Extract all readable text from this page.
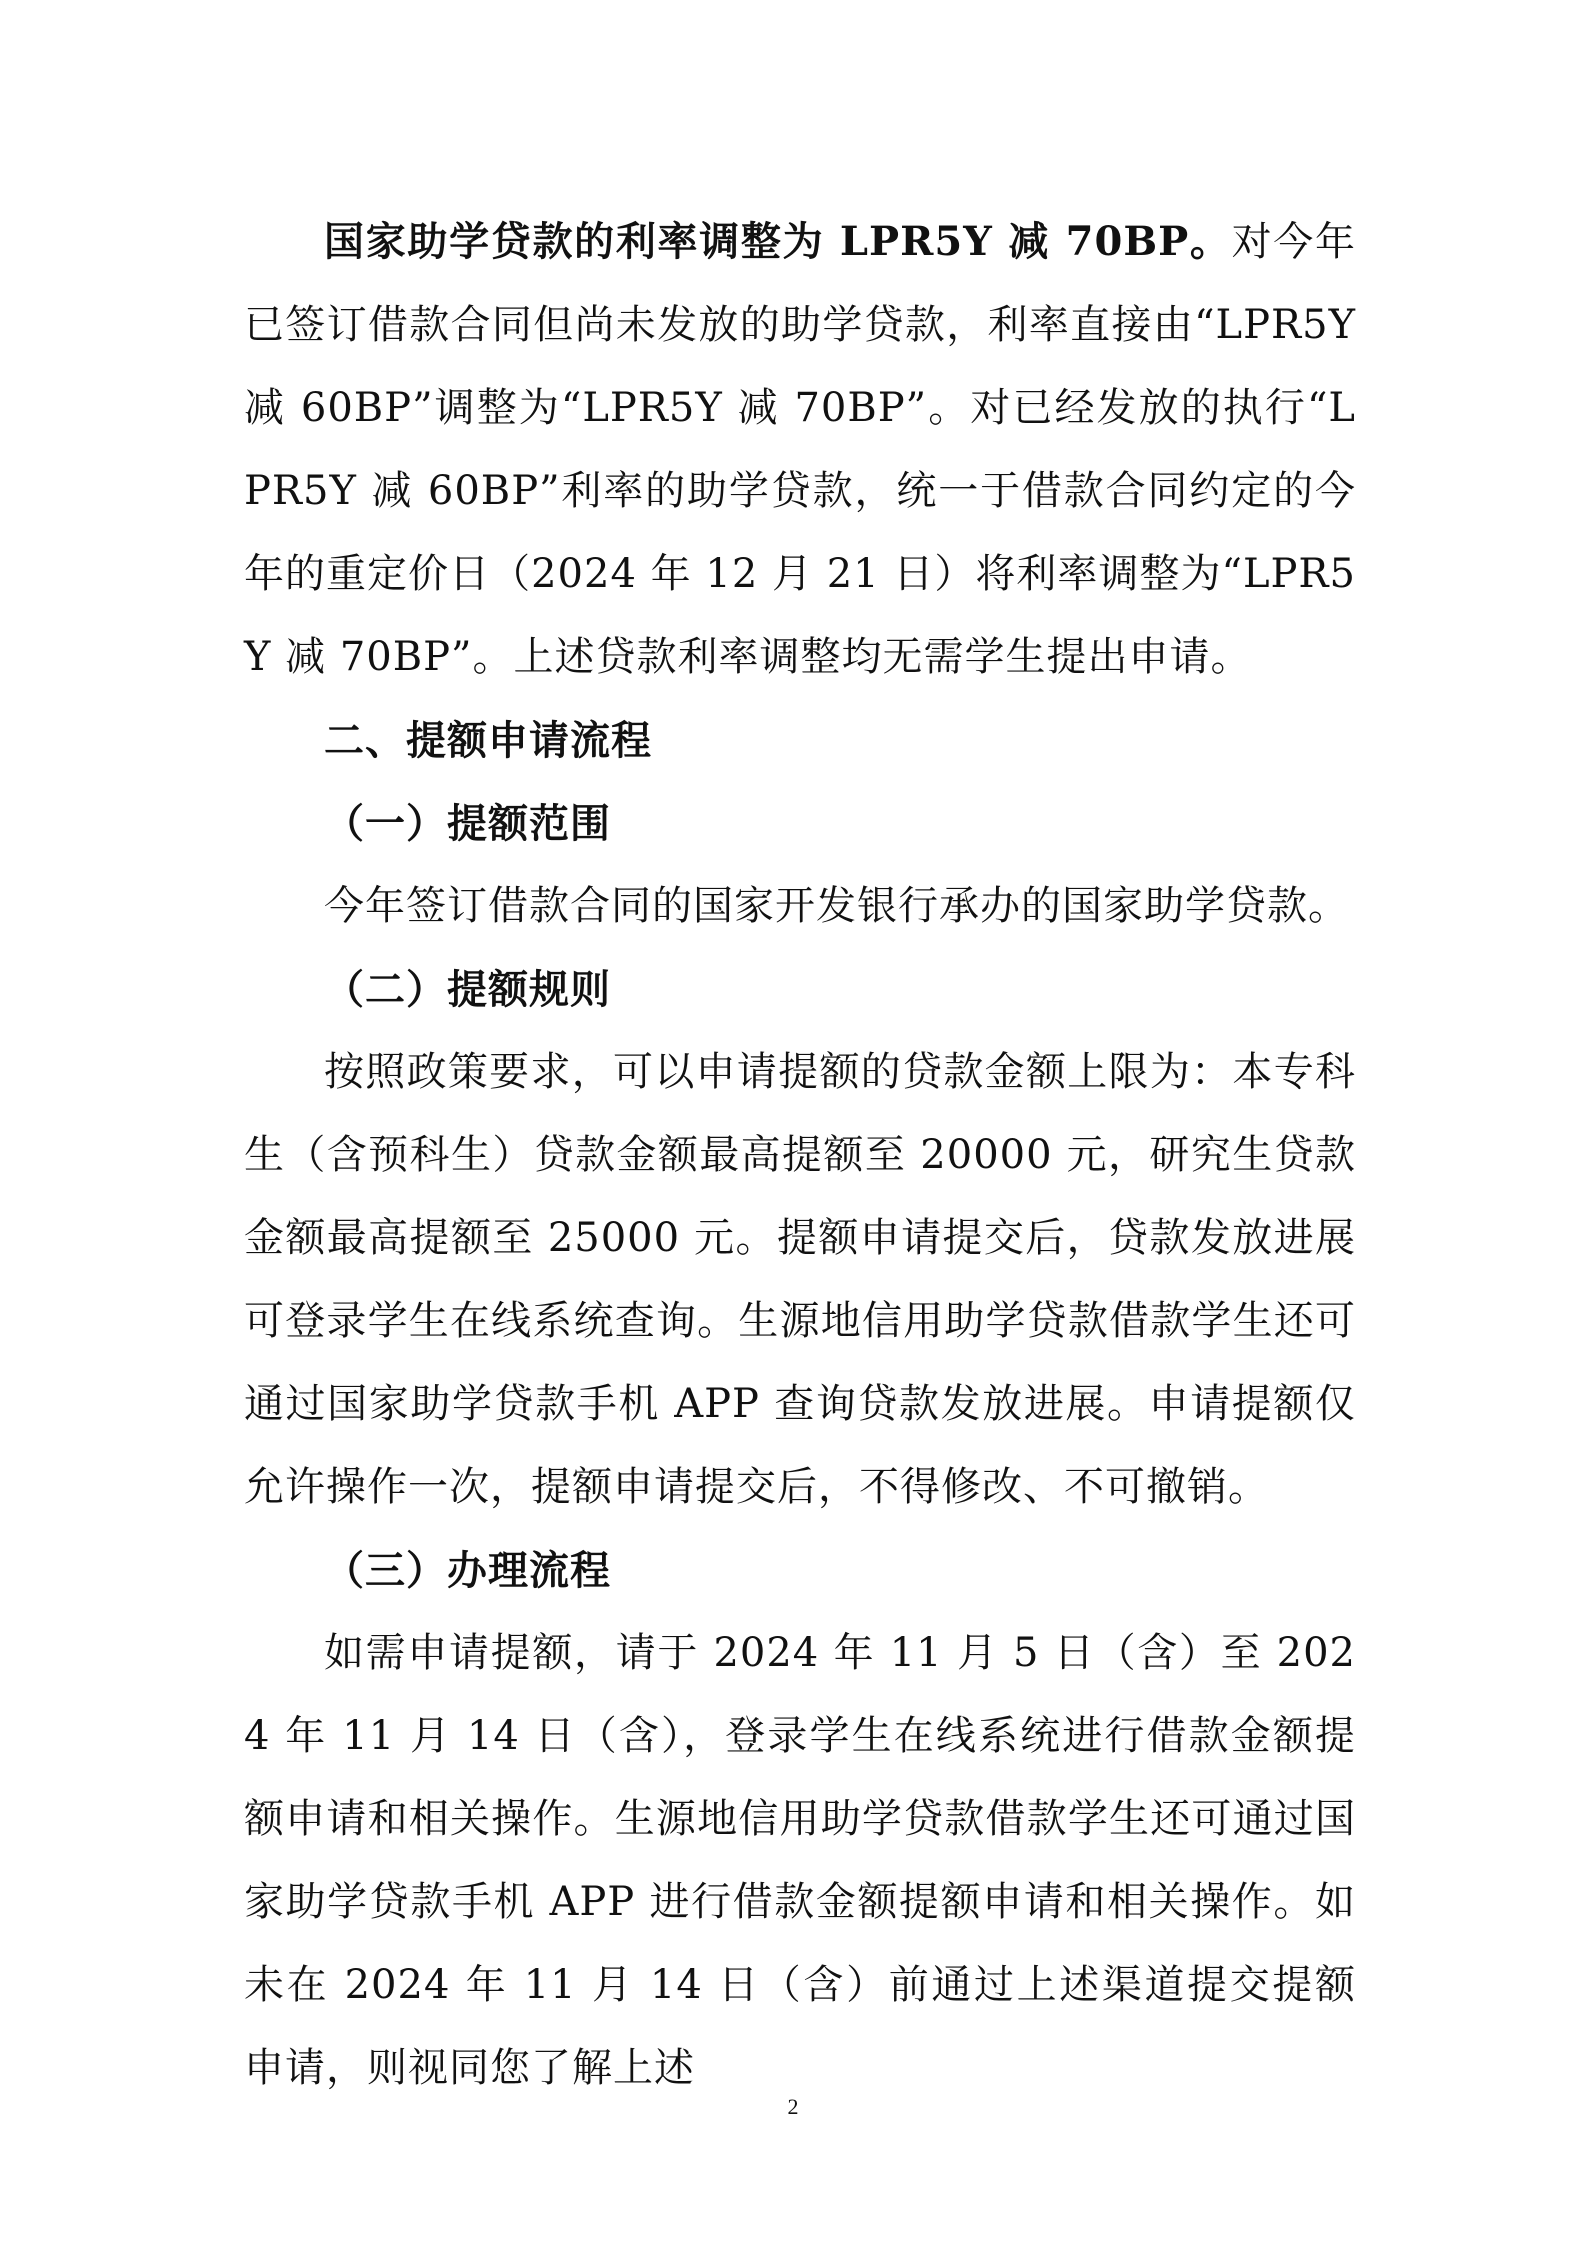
国家助学贷款的利率调整为 LPR5Y 减 70BP。对今年已签订借款合同但尚未发放的助学贷款，利率直接由“LPR5Y 减 60BP”调整为“LPR5Y 减 70BP”。对已经发放的执行“LPR5Y 减 60BP”利率的助学贷款，统一于借款合同约定的今年的重定价日（2024 年 12 月 21 日）将利率调整为“LPR5Y 减 70BP”。上述贷款利率调整均无需学生提出申请。

二、提额申请流程
（一）提额范围

今年签订借款合同的国家开发银行承办的国家助学贷款。

（二）提额规则

按照政策要求，可以申请提额的贷款金额上限为：本专科生（含预科生）贷款金额最高提额至 20000 元，研究生贷款金额最高提额至 25000 元。提额申请提交后，贷款发放进展可登录学生在线系统查询。生源地信用助学贷款借款学生还可通过国家助学贷款手机 APP 查询贷款发放进展。申请提额仅允许操作一次，提额申请提交后，不得修改、不可撤销。

（三）办理流程

如需申请提额，请于 2024 年 11 月 5 日（含）至 2024 年 11 月 14 日（含），登录学生在线系统进行借款金额提额申请和相关操作。生源地信用助学贷款借款学生还可通过国家助学贷款手机 APP 进行借款金额提额申请和相关操作。如未在 2024 年 11 月 14 日（含）前通过上述渠道提交提额申请，则视同您了解上述

2
